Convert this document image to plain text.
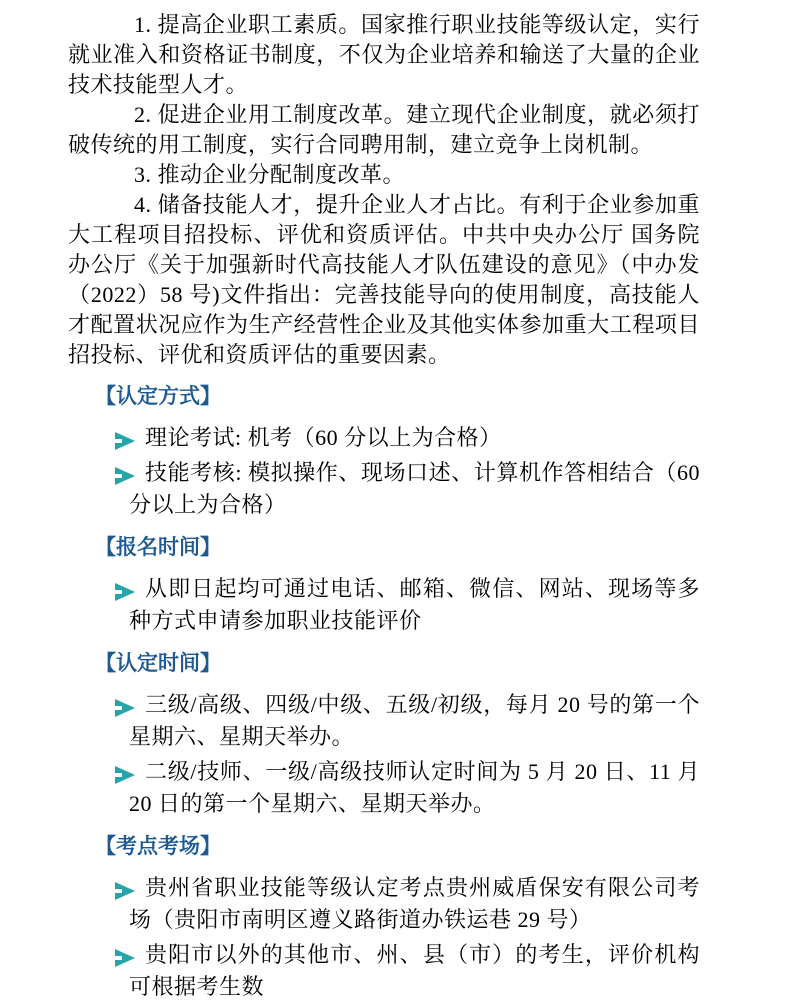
1. 提高企业职工素质。国家推行职业技能等级认定，实行就业准入和资格证书制度，不仅为企业培养和输送了大量的企业技术技能型人才。

2. 促进企业用工制度改革。建立现代企业制度，就必须打破传统的用工制度，实行合同聘用制，建立竞争上岗机制。

3. 推动企业分配制度改革。

4. 储备技能人才，提升企业人才占比。有利于企业参加重大工程项目招投标、评优和资质评估。中共中央办公厅 国务院办公厅《关于加强新时代高技能人才队伍建设的意见》（中办发（2022）58 号)文件指出：完善技能导向的使用制度，高技能人才配置状况应作为生产经营性企业及其他实体参加重大工程项目招投标、评优和资质评估的重要因素。

【认定方式】
理论考试: 机考（60 分以上为合格）
技能考核: 模拟操作、现场口述、计算机作答相结合（60 分以上为合格）
【报名时间】
从即日起均可通过电话、邮箱、微信、网站、现场等多种方式申请参加职业技能评价
【认定时间】
三级/高级、四级/中级、五级/初级，每月 20 号的第一个星期六、星期天举办。
二级/技师、一级/高级技师认定时间为 5 月 20 日、11 月 20 日的第一个星期六、星期天举办。
【考点考场】
贵州省职业技能等级认定考点贵州威盾保安有限公司考场（贵阳市南明区遵义路街道办铁运巷 29 号）
贵阳市以外的其他市、州、县（市）的考生，评价机构可根据考生数
